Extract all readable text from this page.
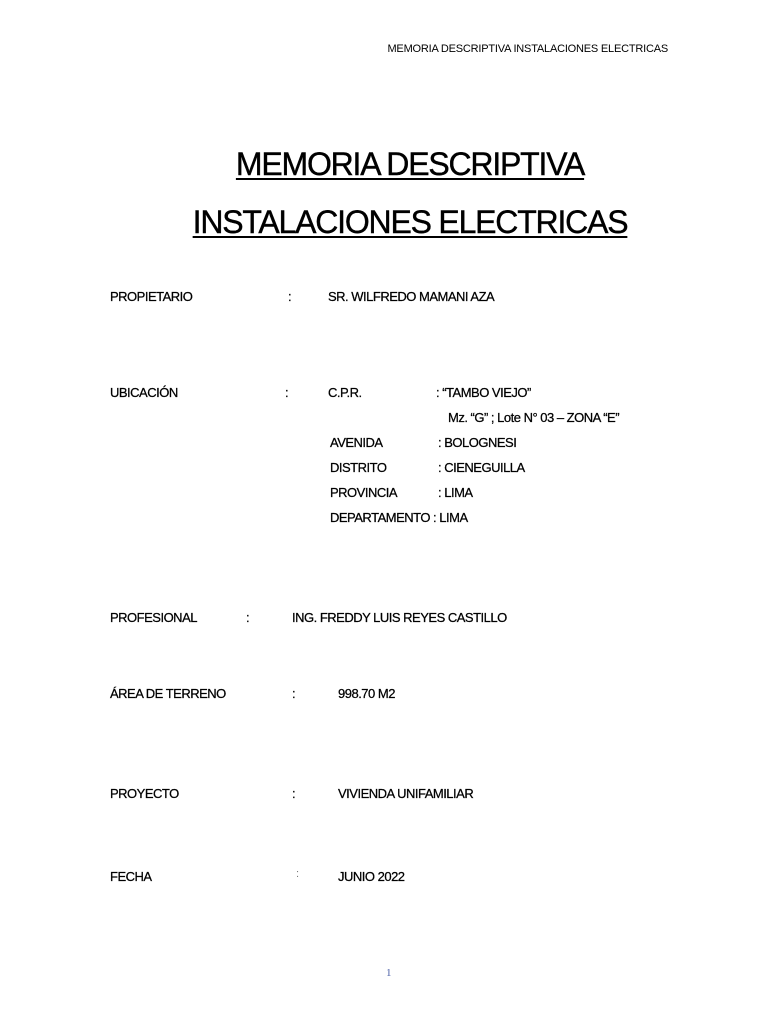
MEMORIA DESCRIPTIVA INSTALACIONES ELECTRICAS
MEMORIA DESCRIPTIVA
INSTALACIONES ELECTRICAS
PROPIETARIO	:	SR. WILFREDO MAMANI AZA
UBICACIÓN	:	C.P.R.	: “TAMBO VIEJO”
Mz. “G” ; Lote N° 03 – ZONA “E”
AVENIDA	: BOLOGNESI
DISTRITO	: CIENEGUILLA
PROVINCIA	: LIMA
DEPARTAMENTO : LIMA
PROFESIONAL	:	ING. FREDDY LUIS REYES CASTILLO
ÁREA DE TERRENO	:	998.70 M2
PROYECTO	:	VIVIENDA UNIFAMILIAR
FECHA	:	JUNIO 2022
1
